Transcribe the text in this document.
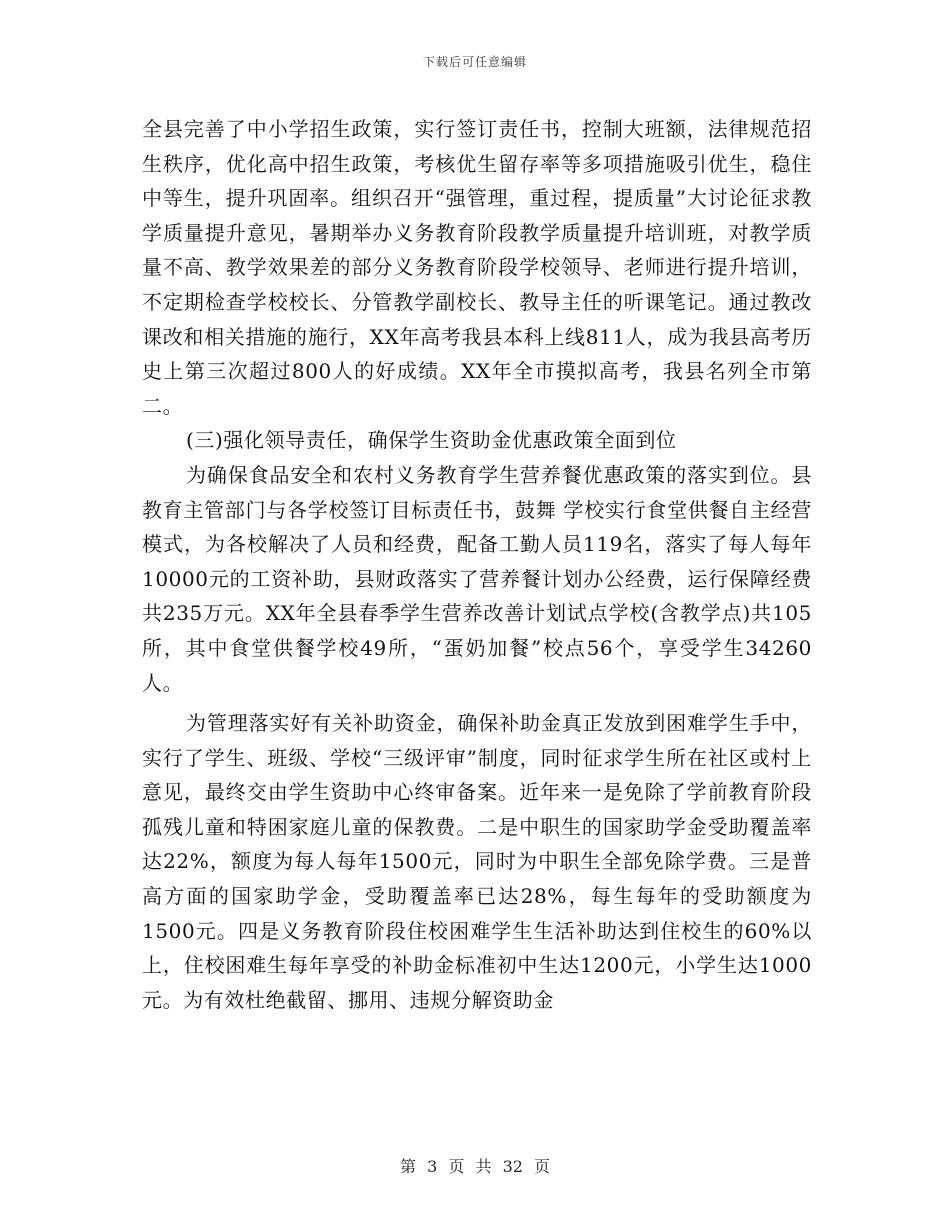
下载后可任意编辑

全县完善了中小学招生政策，实行签订责任书，控制大班额，法律规范招生秩序，优化高中招生政策，考核优生留存率等多项措施吸引优生，稳住中等生，提升巩固率。组织召开“强管理，重过程，提质量”大讨论征求教学质量提升意见，暑期举办义务教育阶段教学质量提升培训班，对教学质量不高、教学效果差的部分义务教育阶段学校领导、老师进行提升培训，不定期检查学校校长、分管教学副校长、教导主任的听课笔记。通过教改课改和相关措施的施行，XX年高考我县本科上线811人，成为我县高考历史上第三次超过800人的好成绩。XX年全市摸拟高考，我县名列全市第二。

(三)强化领导责任，确保学生资助金优惠政策全面到位

为确保食品安全和农村义务教育学生营养餐优惠政策的落实到位。县教育主管部门与各学校签订目标责任书，鼓舞 学校实行食堂供餐自主经营模式，为各校解决了人员和经费，配备工勤人员119名，落实了每人每年10000元的工资补助，县财政落实了营养餐计划办公经费，运行保障经费共235万元。XX年全县春季学生营养改善计划试点学校(含教学点)共105所，其中食堂供餐学校49所，“蛋奶加餐”校点56个，享受学生34260人。

为管理落实好有关补助资金，确保补助金真正发放到困难学生手中，实行了学生、班级、学校“三级评审”制度，同时征求学生所在社区或村上意见，最终交由学生资助中心终审备案。近年来一是免除了学前教育阶段孤残儿童和特困家庭儿童的保教费。二是中职生的国家助学金受助覆盖率达22%，额度为每人每年1500元，同时为中职生全部免除学费。三是普高方面的国家助学金，受助覆盖率已达28%，每生每年的受助额度为1500元。四是义务教育阶段住校困难学生生活补助达到住校生的60%以上，住校困难生每年享受的补助金标准初中生达1200元，小学生达1000元。为有效杜绝截留、挪用、违规分解资助金

第 3 页 共 32 页
